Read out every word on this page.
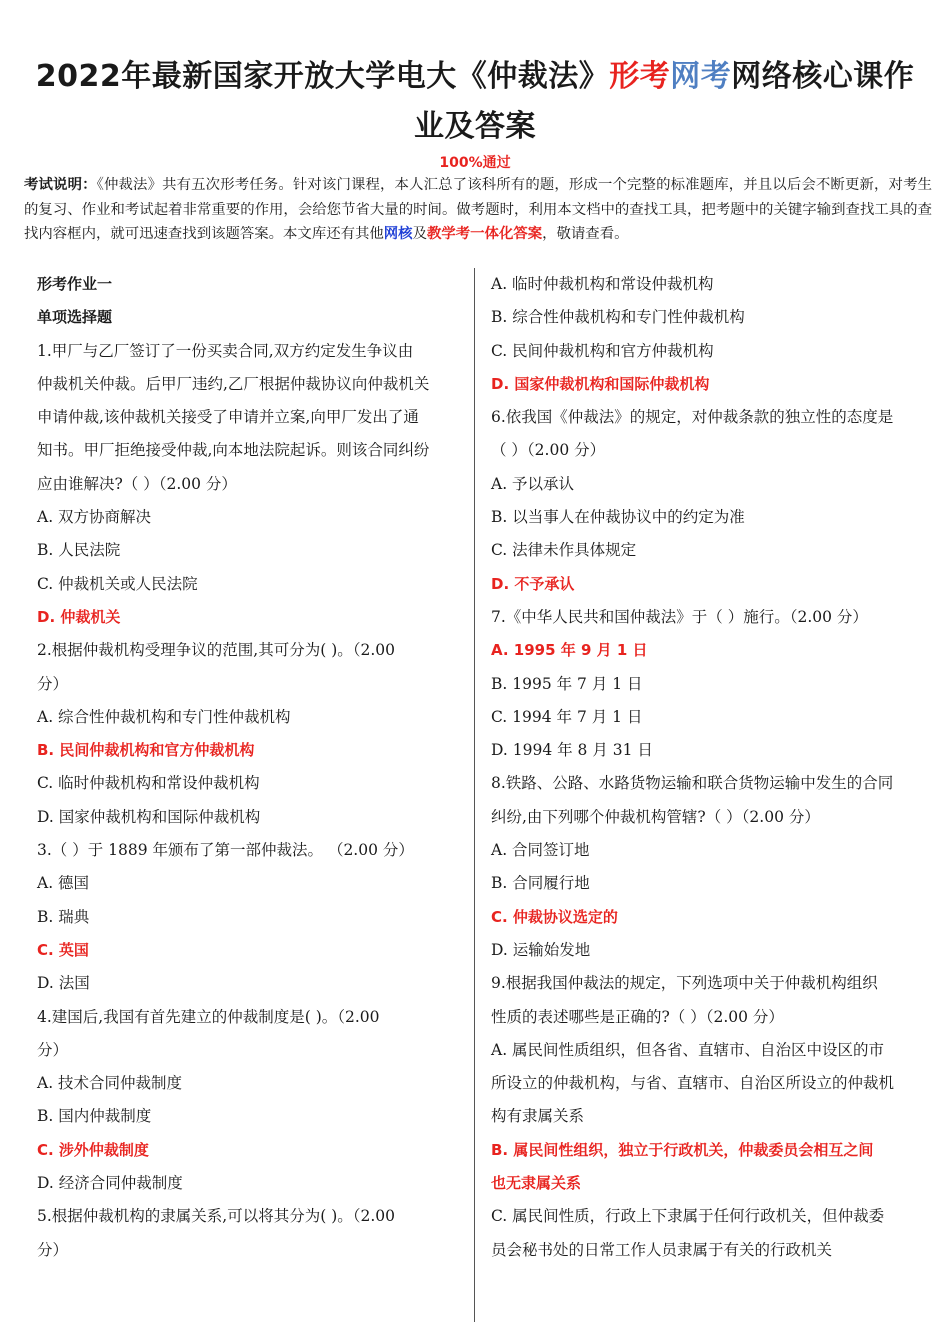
2022年最新国家开放大学电大《仲裁法》形考网考网络核心课作
业及答案
100%通过
考试说明：《仲裁法》共有五次形考任务。针对该门课程，本人汇总了该科所有的题，形成一个完整的标准题库，并且以后会不断更新，对考生的复习、作业和考试起着非常重要的作用，会给您节省大量的时间。做考题时，利用本文档中的查找工具，把考题中的关键字输到查找工具的查找内容框内，就可迅速查找到该题答案。本文库还有其他网核及教学考一体化答案，敬请查看。
形考作业一
单项选择题
1.甲厂与乙厂签订了一份买卖合同,双方约定发生争议由
仲裁机关仲裁。后甲厂违约,乙厂根据仲裁协议向仲裁机关
申请仲裁,该仲裁机关接受了申请并立案,向甲厂发出了通
知书。甲厂拒绝接受仲裁,向本地法院起诉。则该合同纠纷
应由谁解决?（ ）（2.00 分）
A. 双方协商解决
B. 人民法院
C. 仲裁机关或人民法院
D. 仲裁机关
2.根据仲裁机构受理争议的范围,其可分为( )。（2.00
分）
A. 综合性仲裁机构和专门性仲裁机构
B. 民间仲裁机构和官方仲裁机构
C. 临时仲裁机构和常设仲裁机构
D. 国家仲裁机构和国际仲裁机构
3.（ ）于 1889 年颁布了第一部仲裁法。 （2.00 分）
A. 德国
B. 瑞典
C. 英国
D. 法国
4.建国后,我国有首先建立的仲裁制度是( )。（2.00
分）
A. 技术合同仲裁制度
B. 国内仲裁制度
C. 涉外仲裁制度
D. 经济合同仲裁制度
5.根据仲裁机构的隶属关系,可以将其分为( )。（2.00
分）
A. 临时仲裁机构和常设仲裁机构
B. 综合性仲裁机构和专门性仲裁机构
C. 民间仲裁机构和官方仲裁机构
D. 国家仲裁机构和国际仲裁机构
6.依我国《仲裁法》的规定，对仲裁条款的独立性的态度是
（ ）（2.00 分）
A. 予以承认
B. 以当事人在仲裁协议中的约定为准
C. 法律未作具体规定
D. 不予承认
7.《中华人民共和国仲裁法》于（ ）施行。（2.00 分）
A. 1995 年 9 月 1 日
B. 1995 年 7 月 1 日
C. 1994 年 7 月 1 日
D. 1994 年 8 月 31 日
8.铁路、公路、水路货物运输和联合货物运输中发生的合同
纠纷,由下列哪个仲裁机构管辖?（ ）（2.00 分）
A. 合同签订地
B. 合同履行地
C. 仲裁协议选定的
D. 运输始发地
9.根据我国仲裁法的规定，下列选项中关于仲裁机构组织
性质的表述哪些是正确的?（ ）（2.00 分）
A. 属民间性质组织，但各省、直辖市、自治区中设区的市
所设立的仲裁机构，与省、直辖市、自治区所设立的仲裁机
构有隶属关系
B. 属民间性组织，独立于行政机关，仲裁委员会相互之间
也无隶属关系
C. 属民间性质，行政上下隶属于任何行政机关，但仲裁委
员会秘书处的日常工作人员隶属于有关的行政机关
